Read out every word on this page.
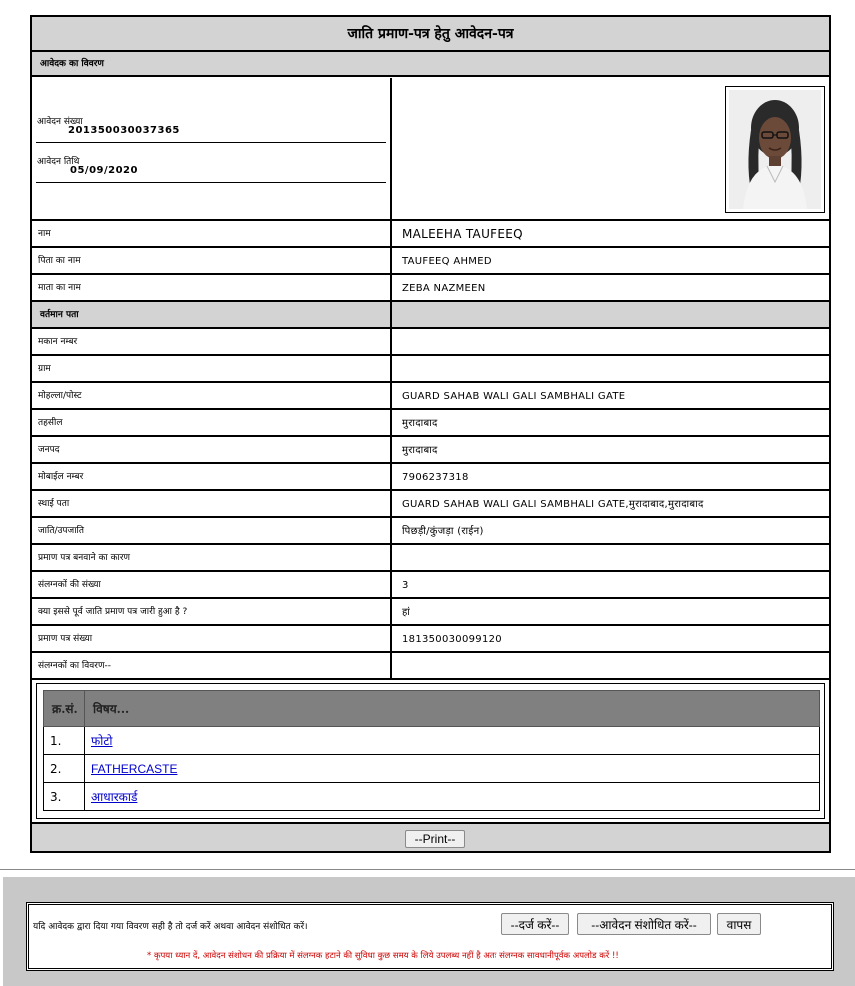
जाति प्रमाण-पत्र हेतु आवेदन-पत्र
आवेदक का विवरण
आवेदन संख्या
201350030037365
आवेदन तिथि
05/09/2020
नाम	MALEEHA TAUFEEQ
पिता का नाम	TAUFEEQ AHMED
माता का नाम	ZEBA NAZMEEN
वर्तमान पता
मकान नम्बर
ग्राम
मोहल्ला/पोस्ट	GUARD SAHAB WALI GALI SAMBHALI GATE
तहसील	मुरादाबाद
जनपद	मुरादाबाद
मोबाईल नम्बर	7906237318
स्थाई पता	GUARD SAHAB WALI GALI SAMBHALI GATE,मुरादाबाद,मुरादाबाद
जाति/उपजाति	पिछड़ी/कुंजड़ा (राईन)
प्रमाण पत्र बनवाने का कारण
संलग्नकों की संख्या	3
क्या इससे पूर्व जाति प्रमाण पत्र जारी हुआ है ?	हां
प्रमाण पत्र संख्या	181350030099120
संलग्नकों का विवरण--
क्र.सं.	विषय...
1.	फोटो
2.	FATHERCASTE
3.	आधारकार्ड
--Print--
यदि आवेदक द्वारा दिया गया विवरण सही है तो दर्ज करें अथवा आवेदन संशोधित करें।	--दर्ज करें--	--आवेदन संशोधित करें--	वापस
* कृपया ध्यान दें, आवेदन संशोधन की प्रक्रिया में संलग्नक हटाने की सुविधा कुछ समय के लिये उपलब्ध नहीं है अतः संलग्नक सावधानीपूर्वक अपलोड करें !!
